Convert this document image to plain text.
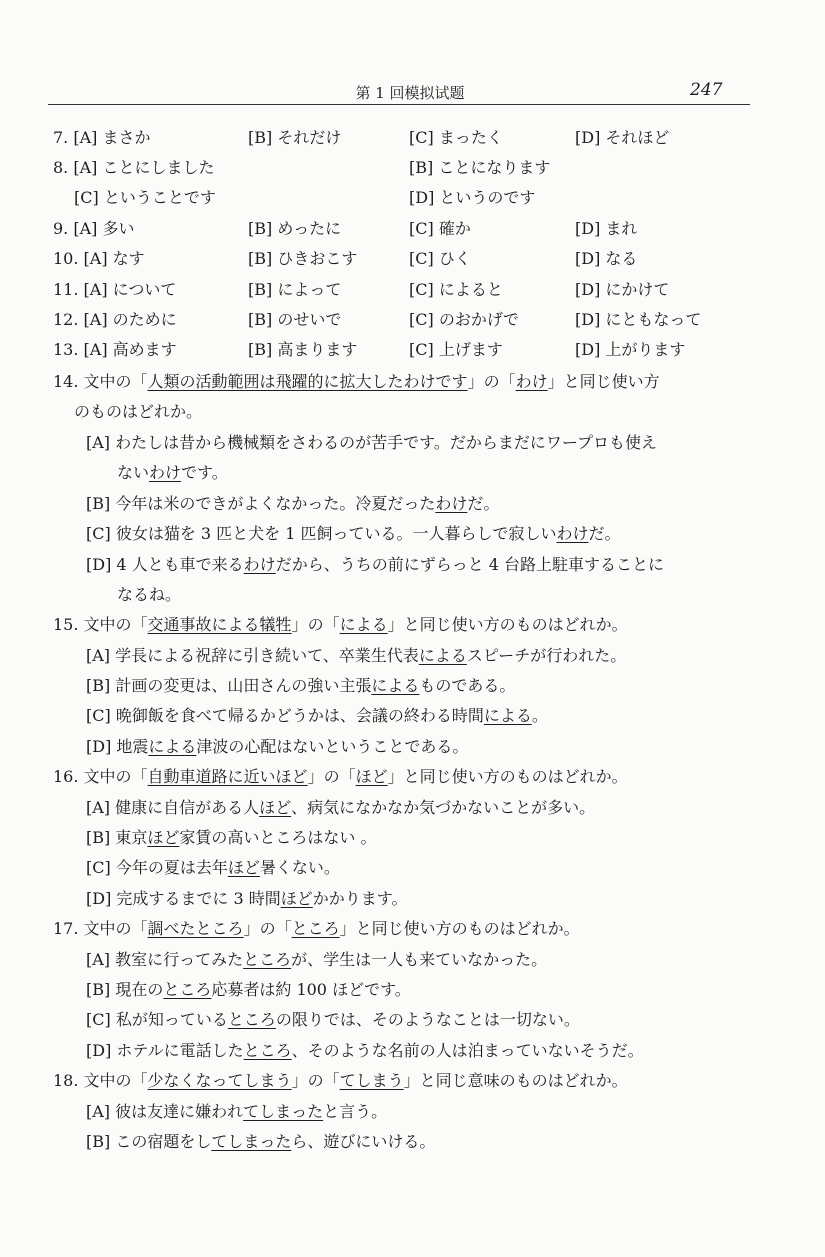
第 1 回模拟试题	247
7. [A] まさか	[B] それだけ	[C] まったく	[D] それほど
8. [A] ことにしました	[B] ことになります
[C] ということです	[D] というのです
9. [A] 多い	[B] めったに	[C] 確か	[D] まれ
10. [A] なす	[B] ひきおこす	[C] ひく	[D] なる
11. [A] について	[B] によって	[C] によると	[D] にかけて
12. [A] のために	[B] のせいで	[C] のおかげで	[D] にともなって
13. [A] 高めます	[B] 高まります	[C] 上げます	[D] 上がります
14. 文中の「人類の活動範囲は飛躍的に拡大したわけです」の「わけ」と同じ使い方
のものはどれか。
[A] わたしは昔から機械類をさわるのが苦手です。だからまだにワープロも使え
ないわけです。
[B] 今年は米のできがよくなかった。冷夏だったわけだ。
[C] 彼女は猫を 3 匹と犬を 1 匹飼っている。一人暮らしで寂しいわけだ。
[D] 4 人とも車で来るわけだから、うちの前にずらっと 4 台路上駐車することに
なるね。
15. 文中の「交通事故による犠牲」の「による」と同じ使い方のものはどれか。
[A] 学長による祝辞に引き続いて、卒業生代表によるスピーチが行われた。
[B] 計画の変更は、山田さんの強い主張によるものである。
[C] 晩御飯を食べて帰るかどうかは、会議の終わる時間による。
[D] 地震による津波の心配はないということである。
16. 文中の「自動車道路に近いほど」の「ほど」と同じ使い方のものはどれか。
[A] 健康に自信がある人ほど、病気になかなか気づかないことが多い。
[B] 東京ほど家賃の高いところはない 。
[C] 今年の夏は去年ほど暑くない。
[D] 完成するまでに 3 時間ほどかかります。
17. 文中の「調べたところ」の「ところ」と同じ使い方のものはどれか。
[A] 教室に行ってみたところが、学生は一人も来ていなかった。
[B] 現在のところ応募者は約 100 ほどです。
[C] 私が知っているところの限りでは、そのようなことは一切ない。
[D] ホテルに電話したところ、そのような名前の人は泊まっていないそうだ。
18. 文中の「少なくなってしまう」の「てしまう」と同じ意味のものはどれか。
[A] 彼は友達に嫌われてしまったと言う。
[B] この宿題をしてしまったら、遊びにいける。
